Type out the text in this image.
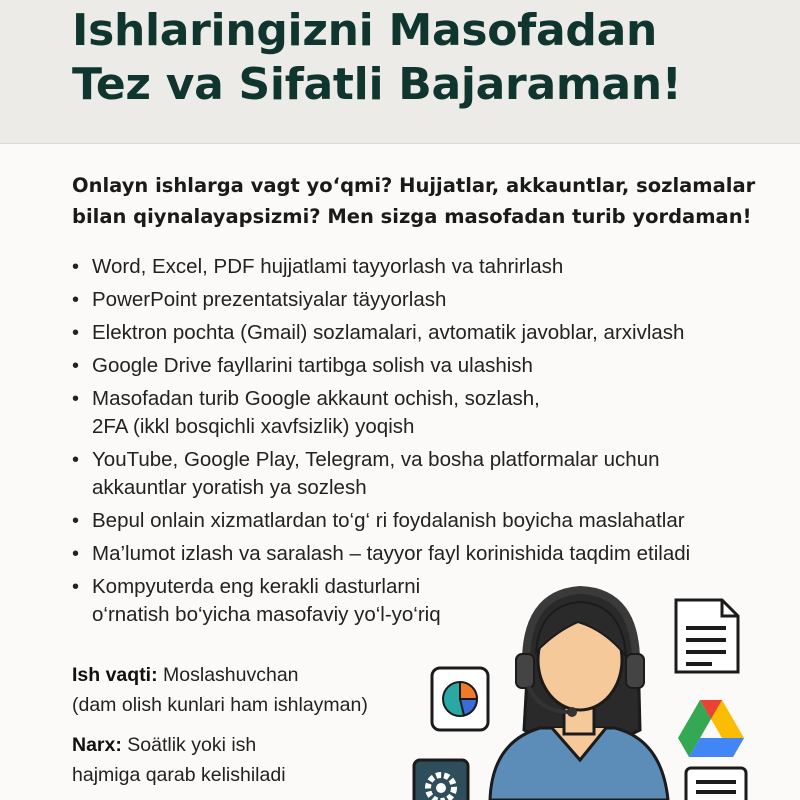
Ishlaringizni Masofadan
Tez va Sifatli Bajaraman!

Onlayn ishlarga vagt yo‘qmi? Hujjatlar, akkauntlar, sozlamalar
bilan qiynalayapsizmi? Men sizga masofadan turib yordaman!

• Word, Excel, PDF hujjatlami tayyorlash va tahrirlash
• PowerPoint prezentatsiyalar täyyorlash
• Elektron pochta (Gmail) sozlamalari, avtomatik javoblar, arxivlash
• Google Drive fayllarini tartibga solish va ulashish
• Masofadan turib Google akkaunt ochish, sozlash,
2FA (ikkl bosqichli xavfsizlik) yoqish
• YouTube, Google Play, Telegram, va bosha platformalar uchun
akkauntlar yoratish ya sozlesh
• Bepul onlain xizmatlardan to‘g‘ ri foydalanish boyicha maslahatlar
• Ma’lumot izlash va saralash – tayyor fayl korinishida taqdim etiladi
• Kompyuterda eng kerakli dasturlarni
o‘rnatish bo‘yicha masofaviy yo‘l-yo‘riq
Ish vaqti: Moslashuvchan
(dam olish kunlari ham ishlayman)
Narx: Soätlik yoki ish
hajmiga qarab kelishiladi
